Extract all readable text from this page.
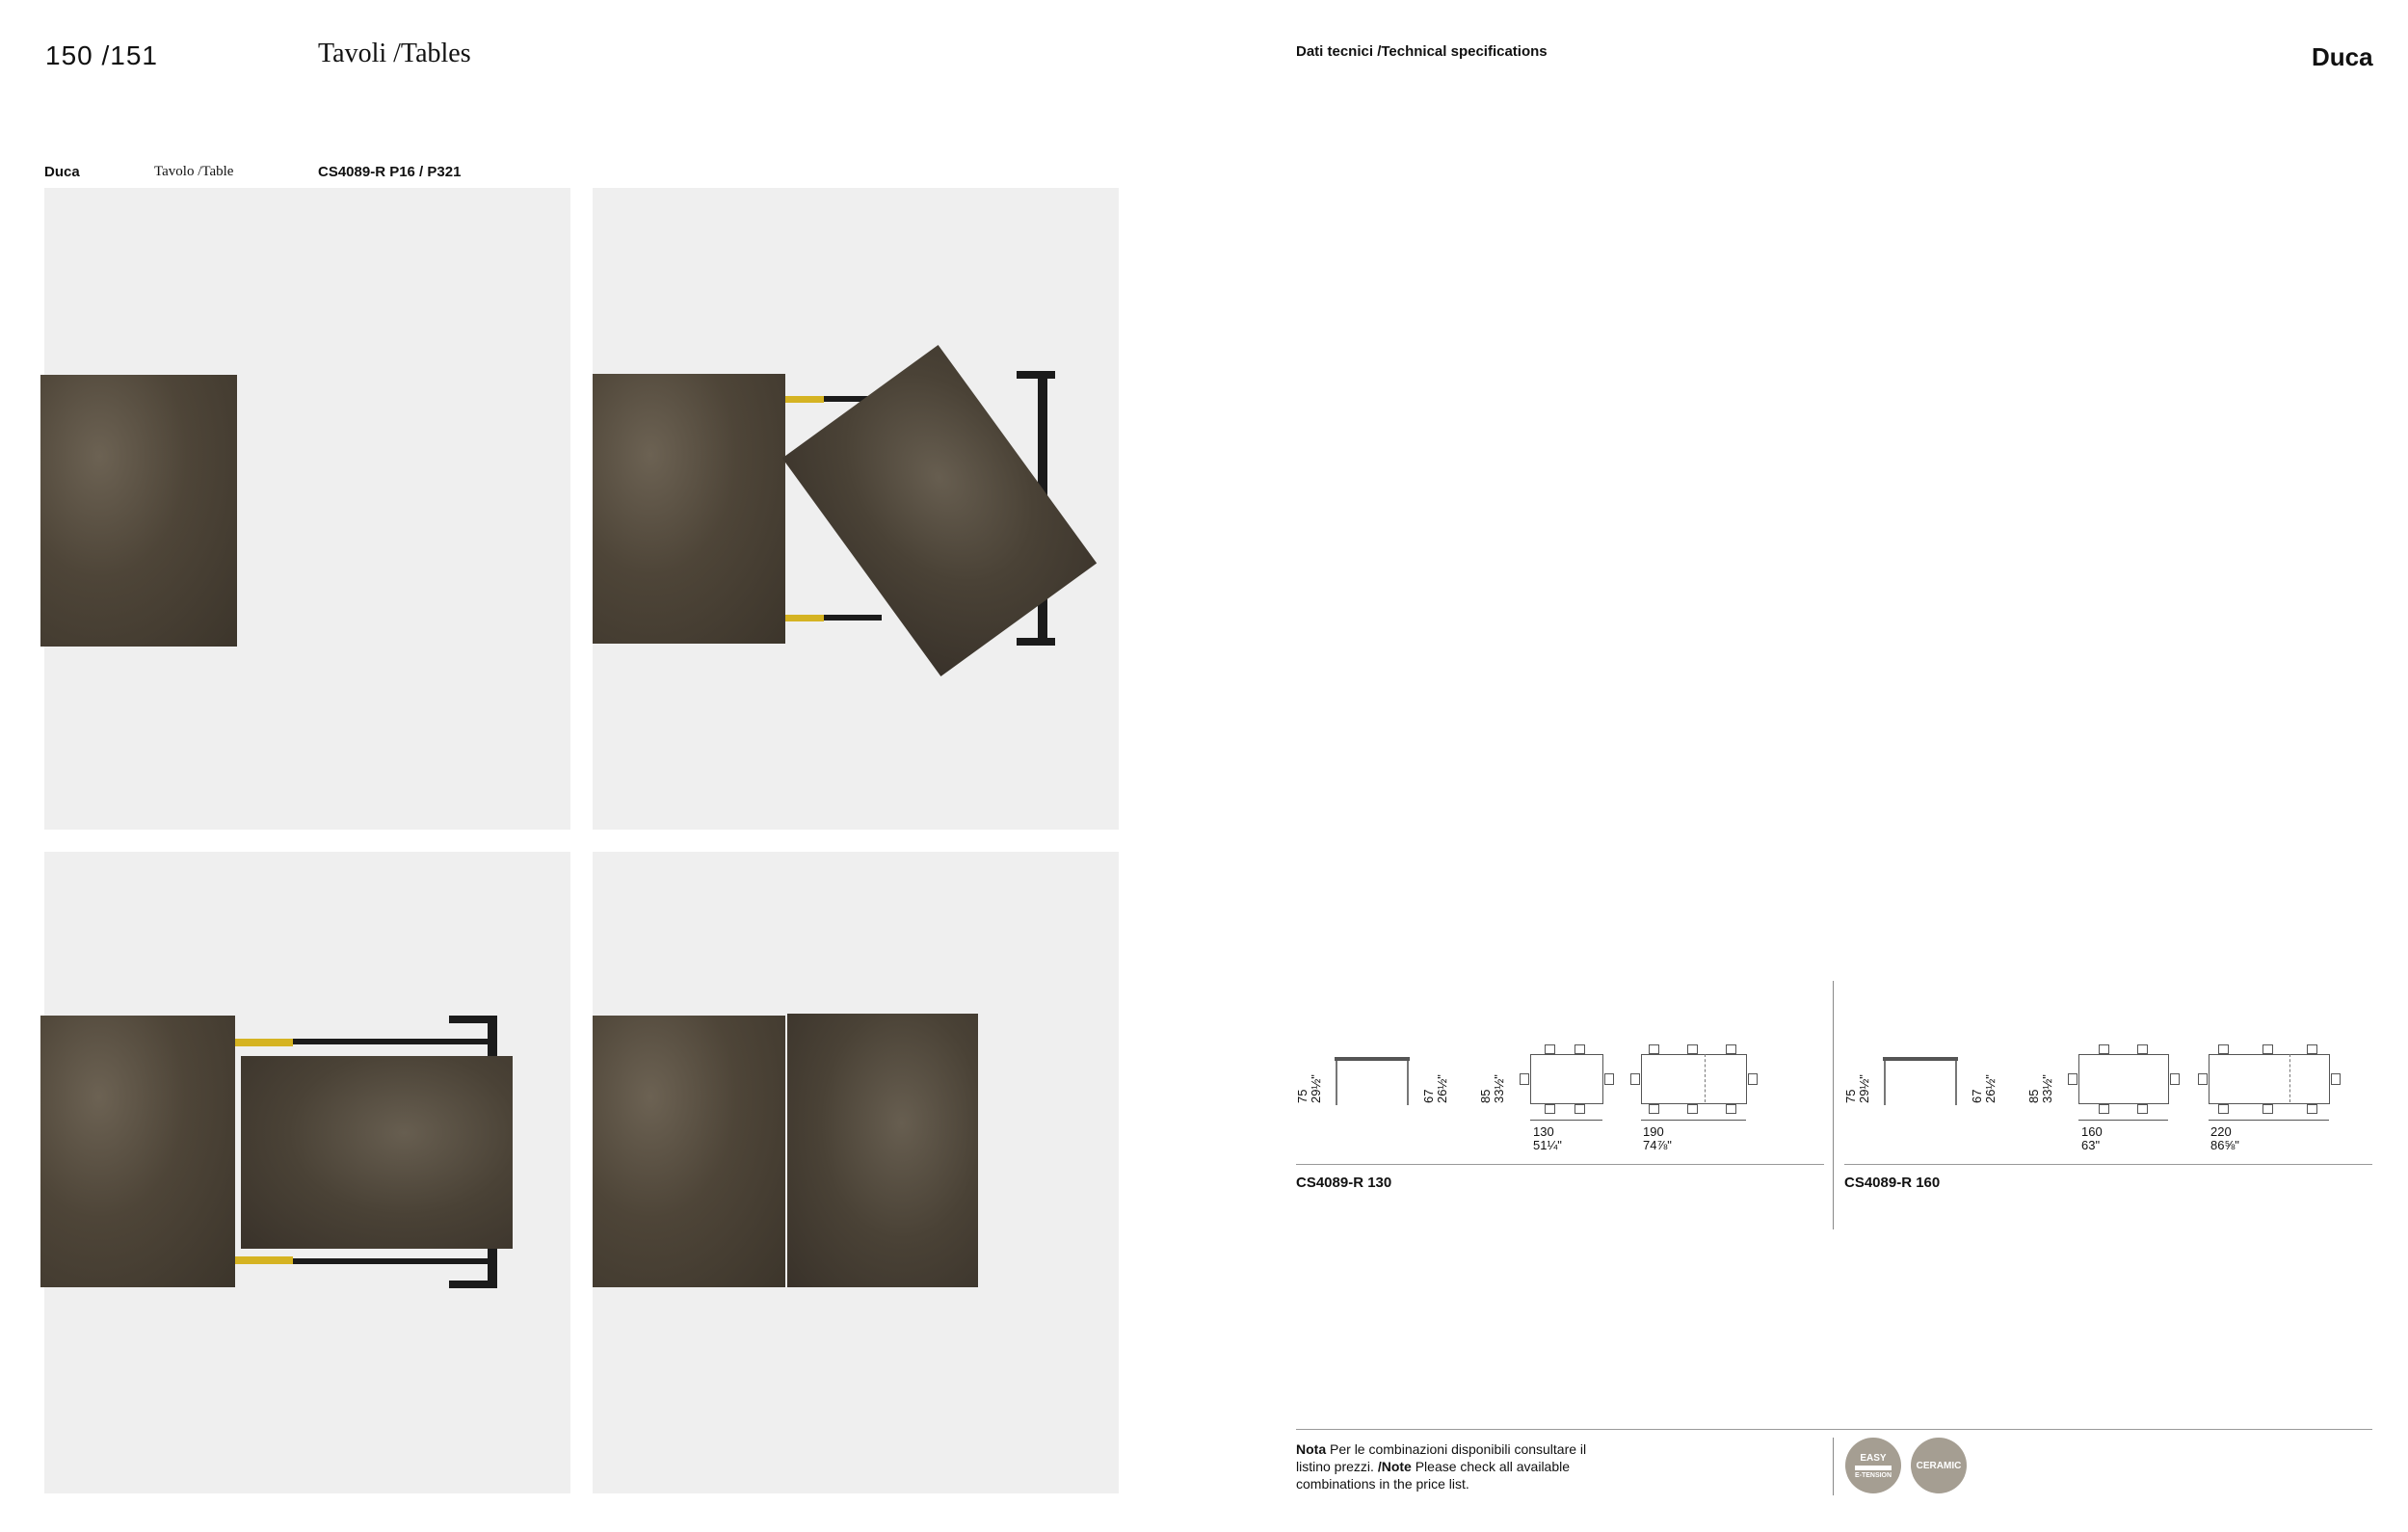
150 /151	Tavoli /Tables	Dati tecnici /Technical specifications	Duca
Duca	Tavolo /Table	CS4089-R P16 / P321
75
29½"	67
26½" 85
33½"
130
51¼"
190
74⅞"
CS4089-R 130
75
29½"	67
26½" 85
33½"
160
63"
220
86⅝"
CS4089-R 160
Nota Per le combinazioni disponibili consultare il listino prezzi. /Note Please check all available combinations in the price list.
EASY
E-TENSION
CERAMIC
